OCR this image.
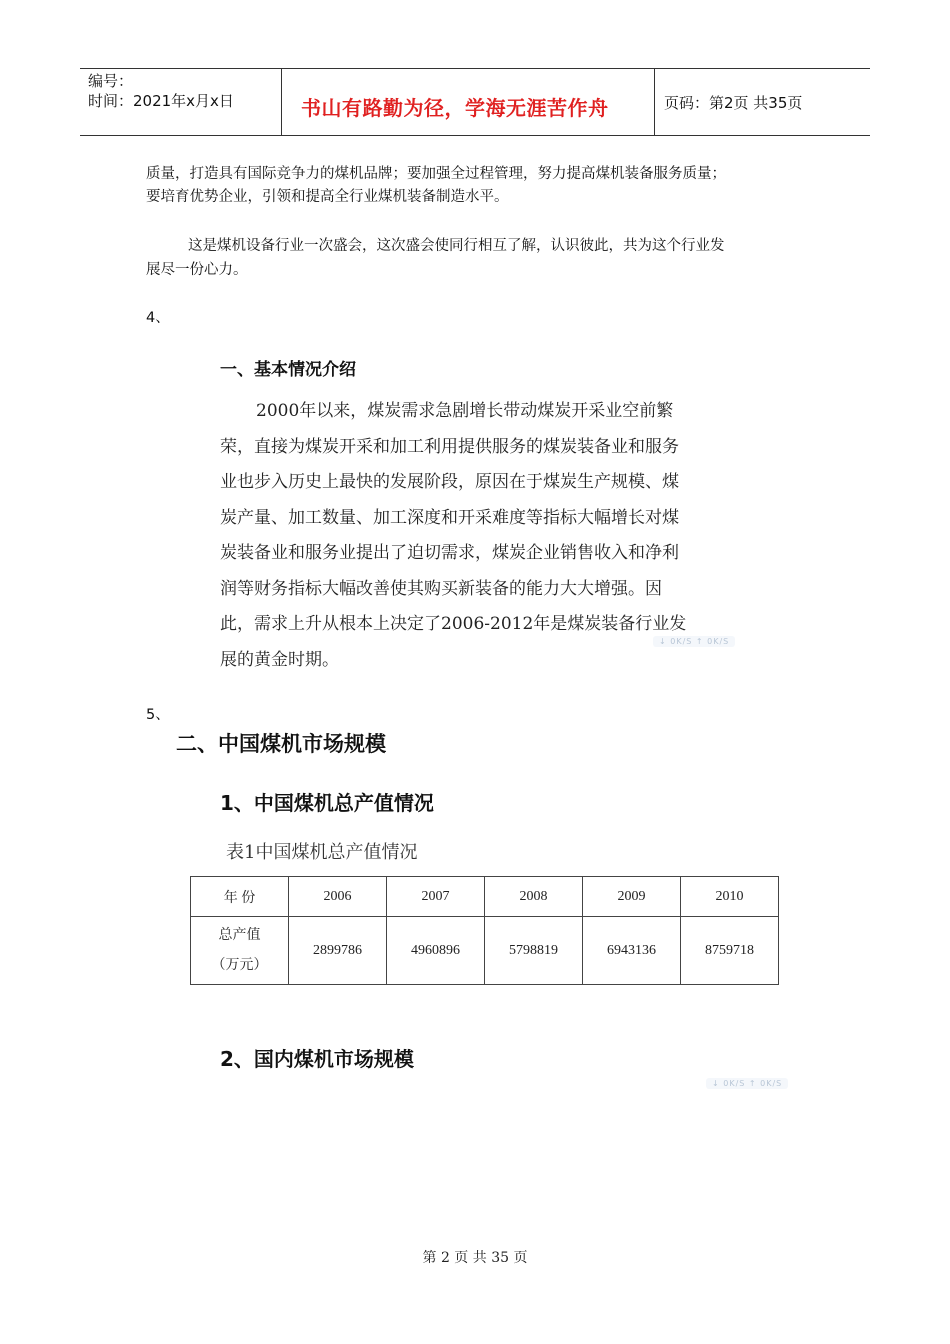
编号：
时间：2021年x月x日	书山有路勤为径，学海无涯苦作舟	页码：第2页 共35页
质量，打造具有国际竞争力的煤机品牌；要加强全过程管理，努力提高煤机装备服务质量；
要培育优势企业，引领和提高全行业煤机装备制造水平。
这是煤机设备行业一次盛会，这次盛会使同行相互了解，认识彼此，共为这个行业发
展尽一份心力。
4、
一、基本情况介绍
2000年以来，煤炭需求急剧增长带动煤炭开采业空前繁
荣，直接为煤炭开采和加工利用提供服务的煤炭装备业和服务
业也步入历史上最快的发展阶段，原因在于煤炭生产规模、煤
炭产量、加工数量、加工深度和开采难度等指标大幅增长对煤
炭装备业和服务业提出了迫切需求，煤炭企业销售收入和净利
润等财务指标大幅改善使其购买新装备的能力大大增强。因
此，需求上升从根本上决定了2006-2012年是煤炭装备行业发
展的黄金时期。
↓ 0K/S ↑ 0K/S
5、
二、中国煤机市场规模
1、中国煤机总产值情况
表1中国煤机总产值情况
年 份	2006	2007	2008	2009	2010

总产值
（万元）	2899786	4960896	5798819	6943136	8759718
2、国内煤机市场规模
↓ 0K/S ↑ 0K/S
第 2 页 共 35 页
